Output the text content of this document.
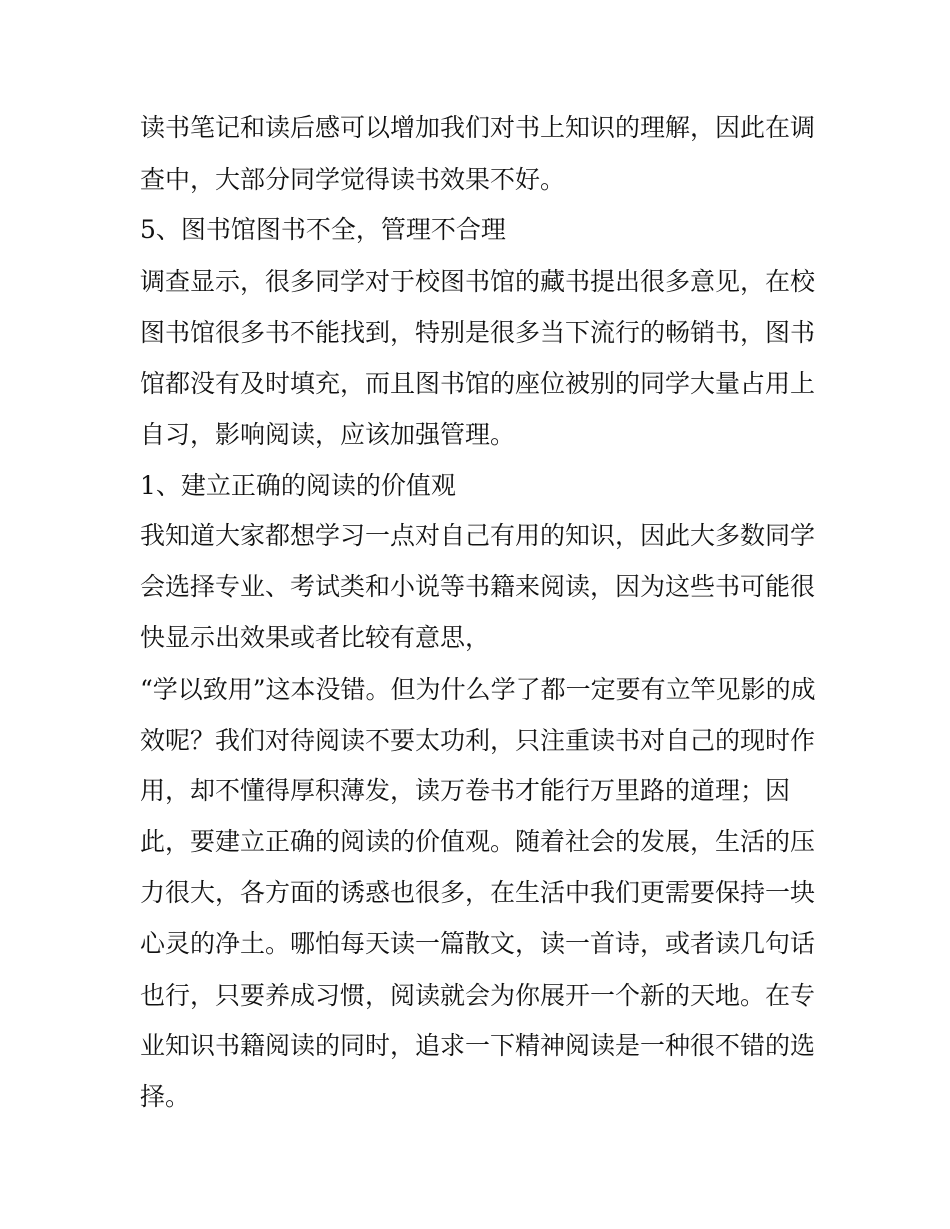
读书笔记和读后感可以增加我们对书上知识的理解，因此在调

查中，大部分同学觉得读书效果不好。

5、图书馆图书不全，管理不合理

调查显示，很多同学对于校图书馆的藏书提出很多意见，在校

图书馆很多书不能找到，特别是很多当下流行的畅销书，图书

馆都没有及时填充，而且图书馆的座位被别的同学大量占用上

自习，影响阅读，应该加强管理。

1、建立正确的阅读的价值观

我知道大家都想学习一点对自己有用的知识，因此大多数同学

会选择专业、考试类和小说等书籍来阅读，因为这些书可能很

快显示出效果或者比较有意思，

“学以致用”这本没错。但为什么学了都一定要有立竿见影的成

效呢？我们对待阅读不要太功利，只注重读书对自己的现时作

用，却不懂得厚积薄发，读万卷书才能行万里路的道理；因

此，要建立正确的阅读的价值观。随着社会的发展，生活的压

力很大，各方面的诱惑也很多，在生活中我们更需要保持一块

心灵的净土。哪怕每天读一篇散文，读一首诗，或者读几句话

也行，只要养成习惯，阅读就会为你展开一个新的天地。在专

业知识书籍阅读的同时，追求一下精神阅读是一种很不错的选

择。
